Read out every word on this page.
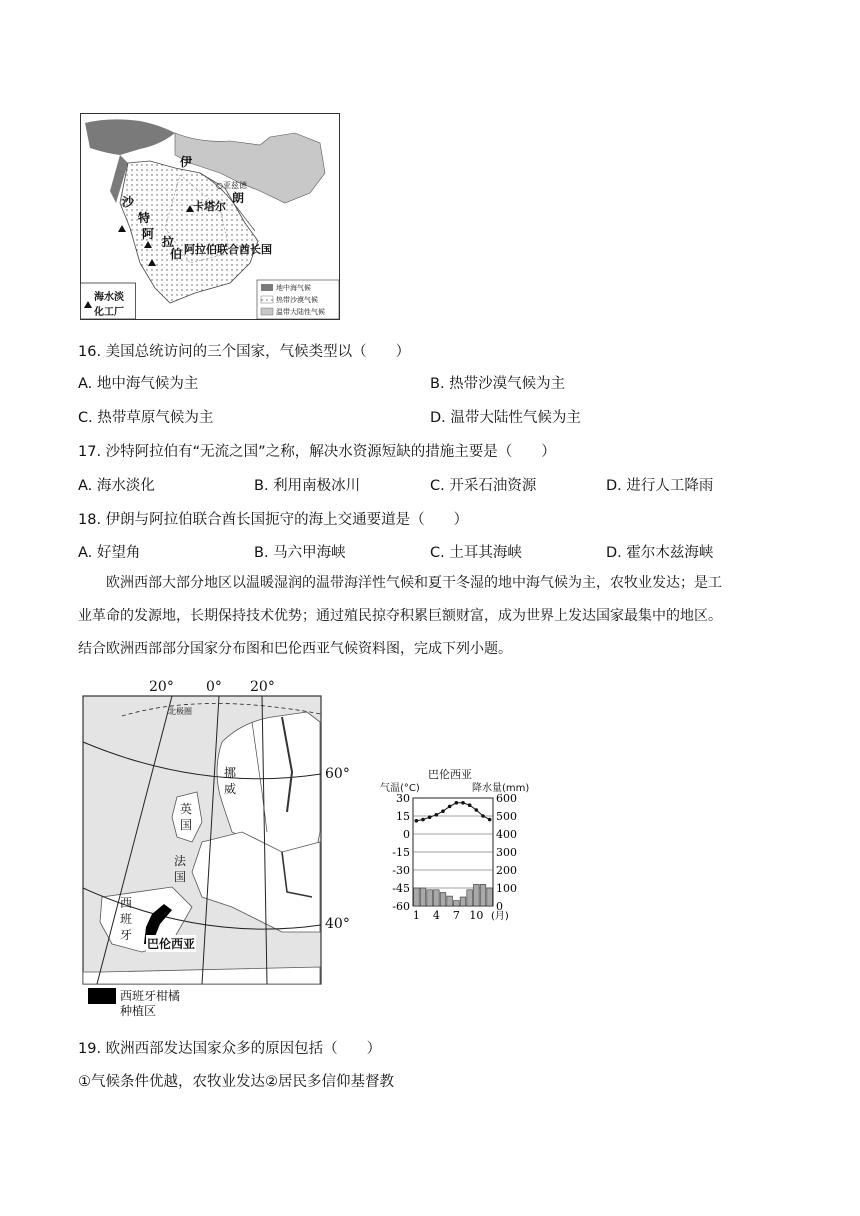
伊
朗
○亚兹德
沙
特
阿
拉
伯
卡塔尔
阿拉伯联合酋长国
海水淡
化工厂
地中海气候
热带沙漠气候
温带大陆性气候
16. 美国总统访问的三个国家，气候类型以（　　）
A. 地中海气候为主	B. 热带沙漠气候为主
C. 热带草原气候为主	D. 温带大陆性气候为主
17. 沙特阿拉伯有“无流之国”之称，解决水资源短缺的措施主要是（　　）
A. 海水淡化	B. 利用南极冰川	C. 开采石油资源	D. 进行人工降雨
18. 伊朗与阿拉伯联合酋长国扼守的海上交通要道是（　　）
A. 好望角	B. 马六甲海峡	C. 土耳其海峡	D. 霍尔木兹海峡
欧洲西部大部分地区以温暖湿润的温带海洋性气候和夏干冬湿的地中海气候为主，农牧业发达；是工
业革命的发源地，长期保持技术优势；通过殖民掠夺积累巨额财富，成为世界上发达国家最集中的地区。
结合欧洲西部部分国家分布图和巴伦西亚气候资料图，完成下列小题。
20° 0° 20°
60°
40°
北极圈
挪
威
英
国
法
国
西
班
牙
巴伦西亚
西班牙柑橘
种植区
巴伦西亚
气温(°C)	降水量(mm)
30
15
0
-15
-30
-45
-60
600
500
400
300
200
100
0
1 4 7 10 (月)
19. 欧洲西部发达国家众多的原因包括（　　）
①气候条件优越，农牧业发达②居民多信仰基督教
